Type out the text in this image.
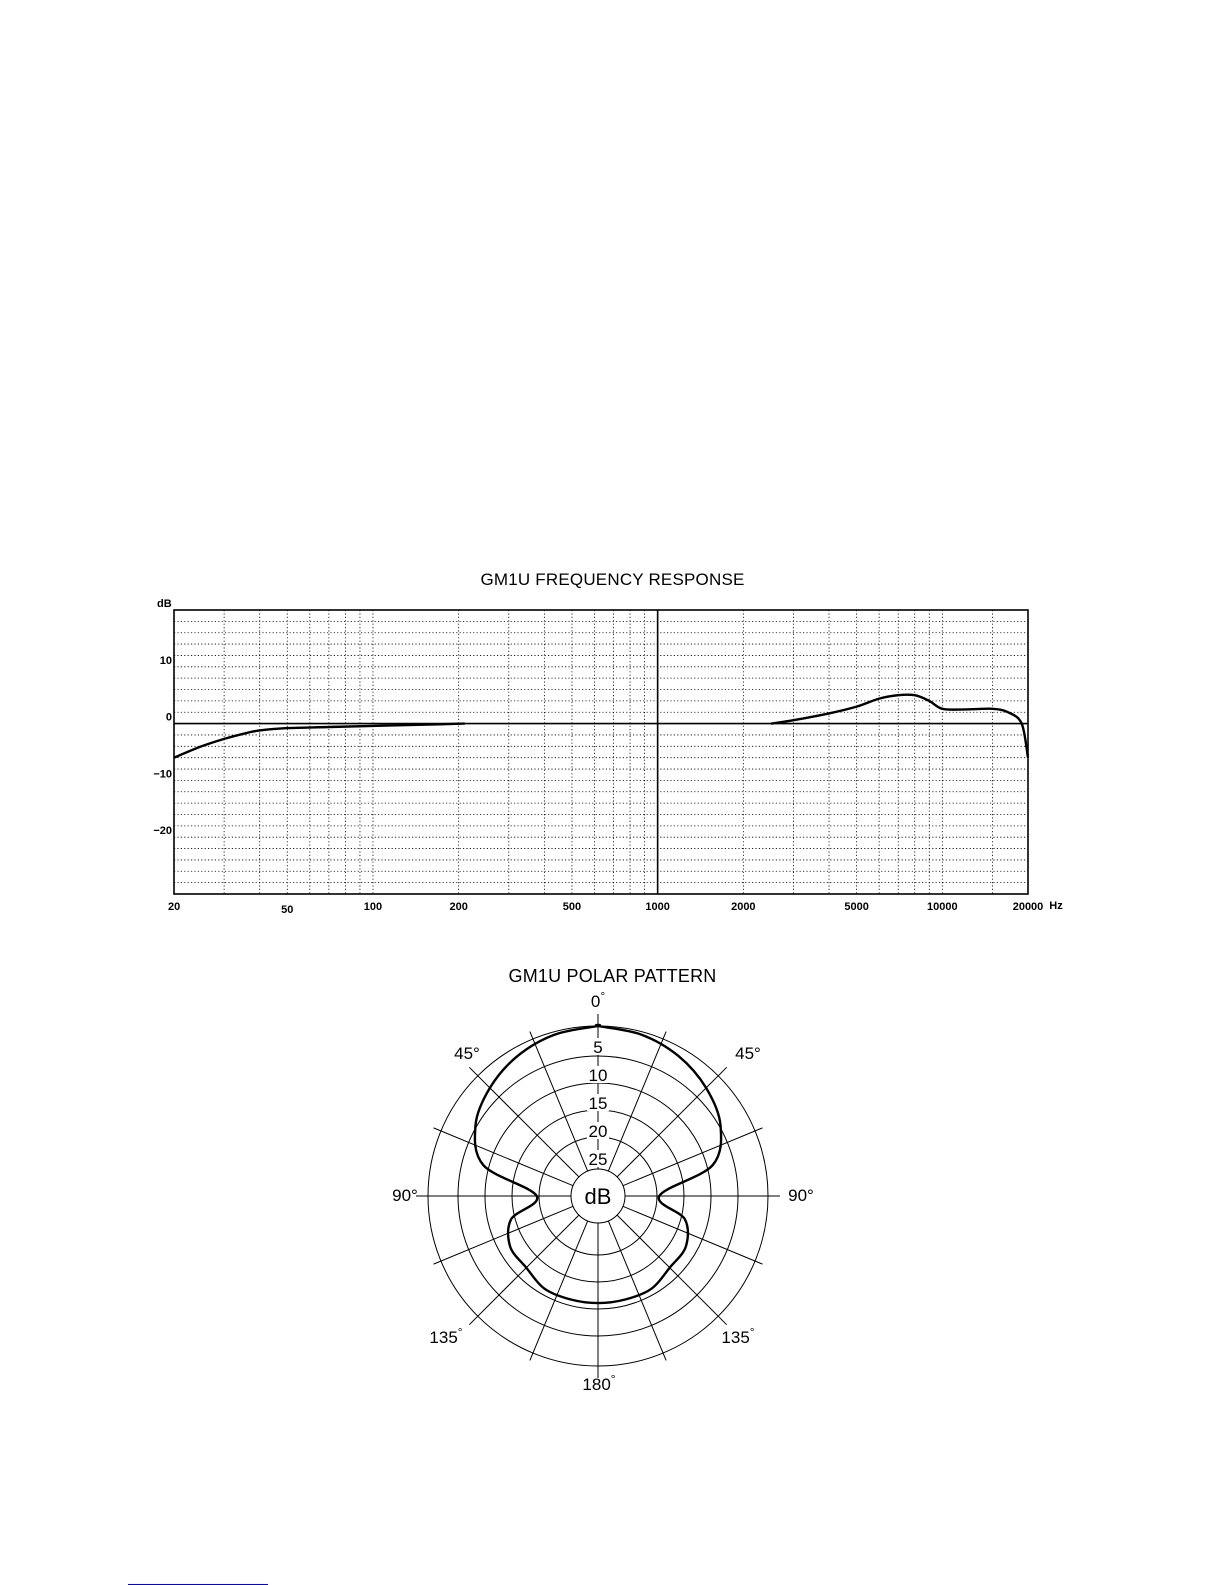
GM1U FREQUENCY RESPONSE
20	50	100	200	500	1000	2000	5000	10000	20000 Hz
10
0
−10
−20
dB
GM1U POLAR PATTERN
5
10
15
20
25
dB
0°
45°	45°
90°	90°
135°	135°
180°
